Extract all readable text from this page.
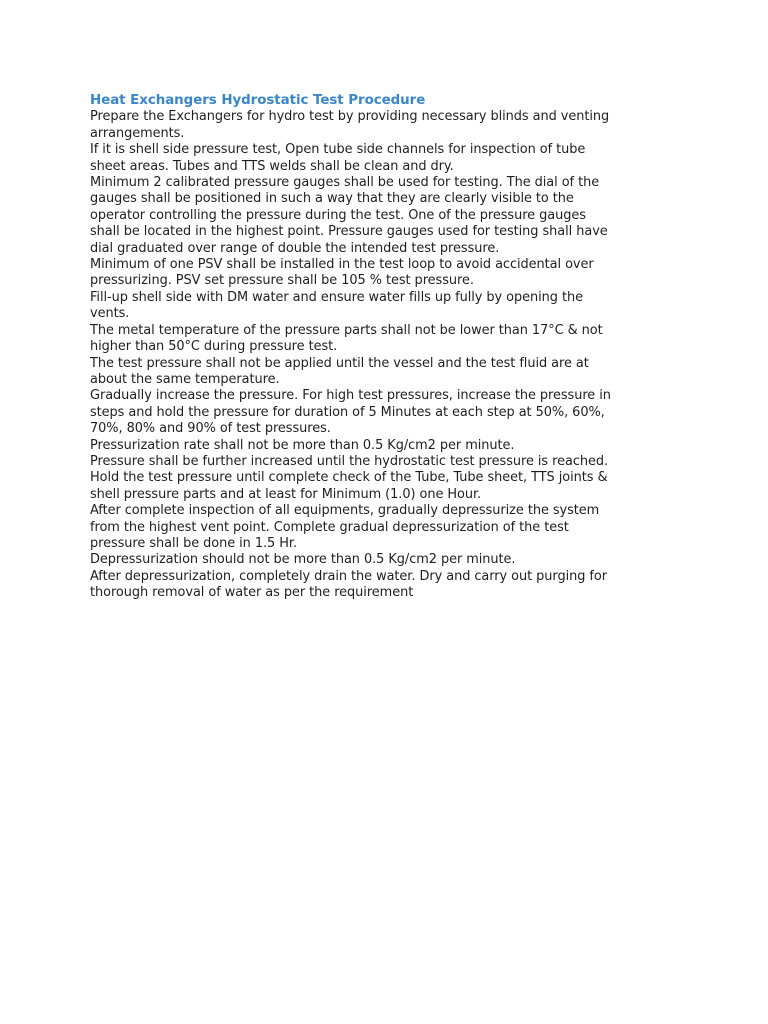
Heat Exchangers Hydrostatic Test Procedure

Prepare the Exchangers for hydro test by providing necessary blinds and venting arrangements.

If it is shell side pressure test, Open tube side channels for inspection of tube sheet areas. Tubes and TTS welds shall be clean and dry.

Minimum 2 calibrated pressure gauges shall be used for testing. The dial of the gauges shall be positioned in such a way that they are clearly visible to the operator controlling the pressure during the test. One of the pressure gauges shall be located in the highest point. Pressure gauges used for testing shall have dial graduated over range of double the intended test pressure.

Minimum of one PSV shall be installed in the test loop to avoid accidental over pressurizing. PSV set pressure shall be 105 % test pressure.

Fill-up shell side with DM water and ensure water fills up fully by opening the vents.

The metal temperature of the pressure parts shall not be lower than 17°C & not higher than 50°C during pressure test.

The test pressure shall not be applied until the vessel and the test fluid are at about the same temperature.

Gradually increase the pressure. For high test pressures, increase the pressure in steps and hold the pressure for duration of 5 Minutes at each step at 50%, 60%, 70%, 80% and 90% of test pressures.

Pressurization rate shall not be more than 0.5 Kg/cm2 per minute.

Pressure shall be further increased until the hydrostatic test pressure is reached.

Hold the test pressure until complete check of the Tube, Tube sheet, TTS joints & shell pressure parts and at least for Minimum (1.0) one Hour.

After complete inspection of all equipments, gradually depressurize the system from the highest vent point. Complete gradual depressurization of the test pressure shall be done in 1.5 Hr.

Depressurization should not be more than 0.5 Kg/cm2 per minute.

After depressurization, completely drain the water. Dry and carry out purging for thorough removal of water as per the requirement
